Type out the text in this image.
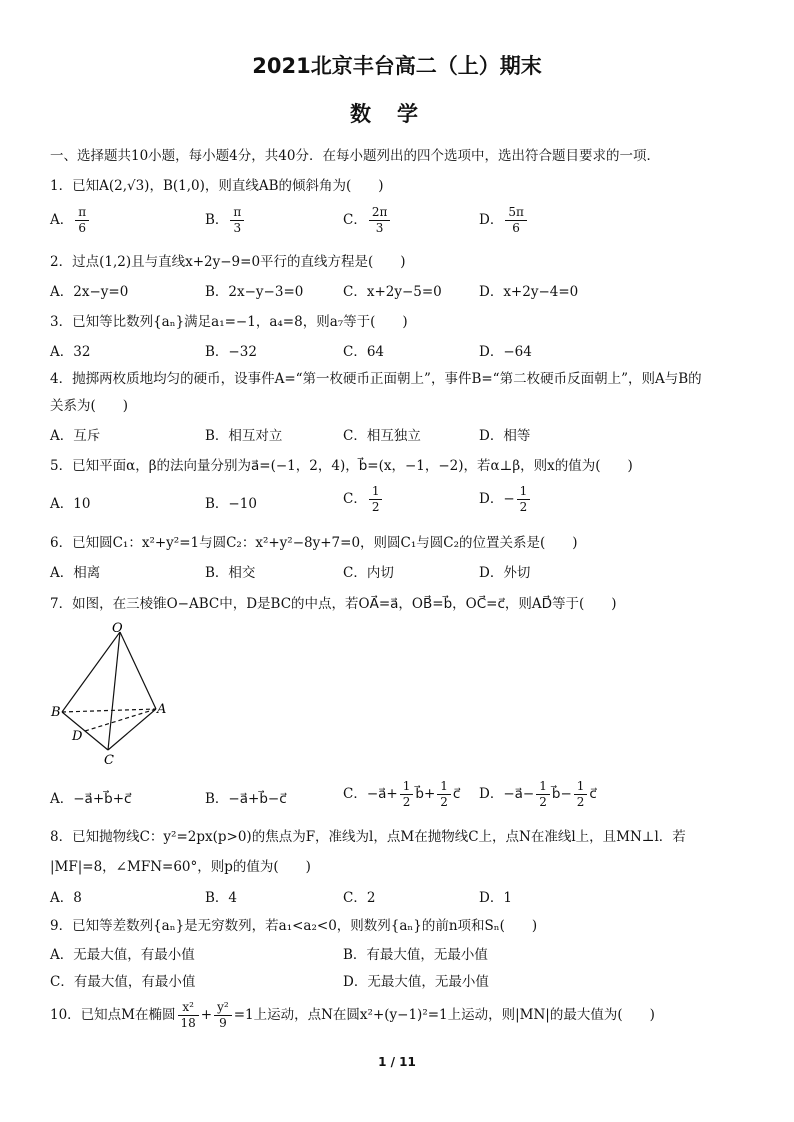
2021北京丰台高二（上）期末
数学
一、选择题共10小题，每小题4分，共40分．在每小题列出的四个选项中，选出符合题目要求的一项．
1．已知A(2,√3)，B(1,0)，则直线AB的倾斜角为(　　)
A． $\frac{\pi}{6}$	B． $\frac{\pi}{3}$	C． $\frac{2\pi}{3}$	D． $\frac{5\pi}{6}$
2．过点(1,2)且与直线x+2y−9=0平行的直线方程是(　　)
A．2x−y=0	B．2x−y−3=0	C．x+2y−5=0	D．x+2y−4=0
3．已知等比数列{aₙ}满足a₁=−1，a₄=8，则a₇等于(　　)
A．32	B．−32	C．64	D．−64
4．抛掷两枚质地均匀的硬币，设事件A=“第一枚硬币正面朝上”，事件B=“第二枚硬币反面朝上”，则A与B的
关系为(　　)
A．互斥	B．相互对立	C．相互独立	D．相等
5．已知平面α，β的法向量分别为a⃗=(−1，2，4)，b⃗=(x，−1，−2)，若α⊥β，则x的值为(　　)
A．10	B．−10	C． $\frac{1}{2}$	D．− $\frac{1}{2}$
6．已知圆C₁：x²+y²=1与圆C₂：x²+y²−8y+7=0，则圆C₁与圆C₂的位置关系是(　　)
A．相离	B．相交	C．内切	D．外切
7．如图，在三棱锥O−ABC中，D是BC的中点，若OA⃗=a⃗，OB⃗=b⃗，OC⃗=c⃗，则AD⃗等于(　　)
O
A
B
C
D
A．−a⃗+b⃗+c⃗	B．−a⃗+b⃗−c⃗	C．−a⃗+ $\frac{1}{2}$ b⃗+ $\frac{1}{2}$ c⃗ D．−a⃗− $\frac{1}{2}$ b⃗− $\frac{1}{2}$ c⃗
8．已知抛物线C：y²=2px(p>0)的焦点为F，准线为l，点M在抛物线C上，点N在准线l上，且MN⊥l．若
|MF|=8，∠MFN=60°，则p的值为(　　)
A．8	B．4	C．2	D．1
9．已知等差数列{aₙ}是无穷数列，若a₁<a₂<0，则数列{aₙ}的前n项和Sₙ(　　)
A．无最大值，有最小值	B．有最大值，无最小值
C．有最大值，有最小值	D．无最大值，无最小值
10．已知点M在椭圆 $\frac{\text{x²}}{18} + \frac{\text{y²}}{9} =1$上运动，点N在圆x²+(y−1)²=1上运动，则|MN|的最大值为(　　)
1 / 11
